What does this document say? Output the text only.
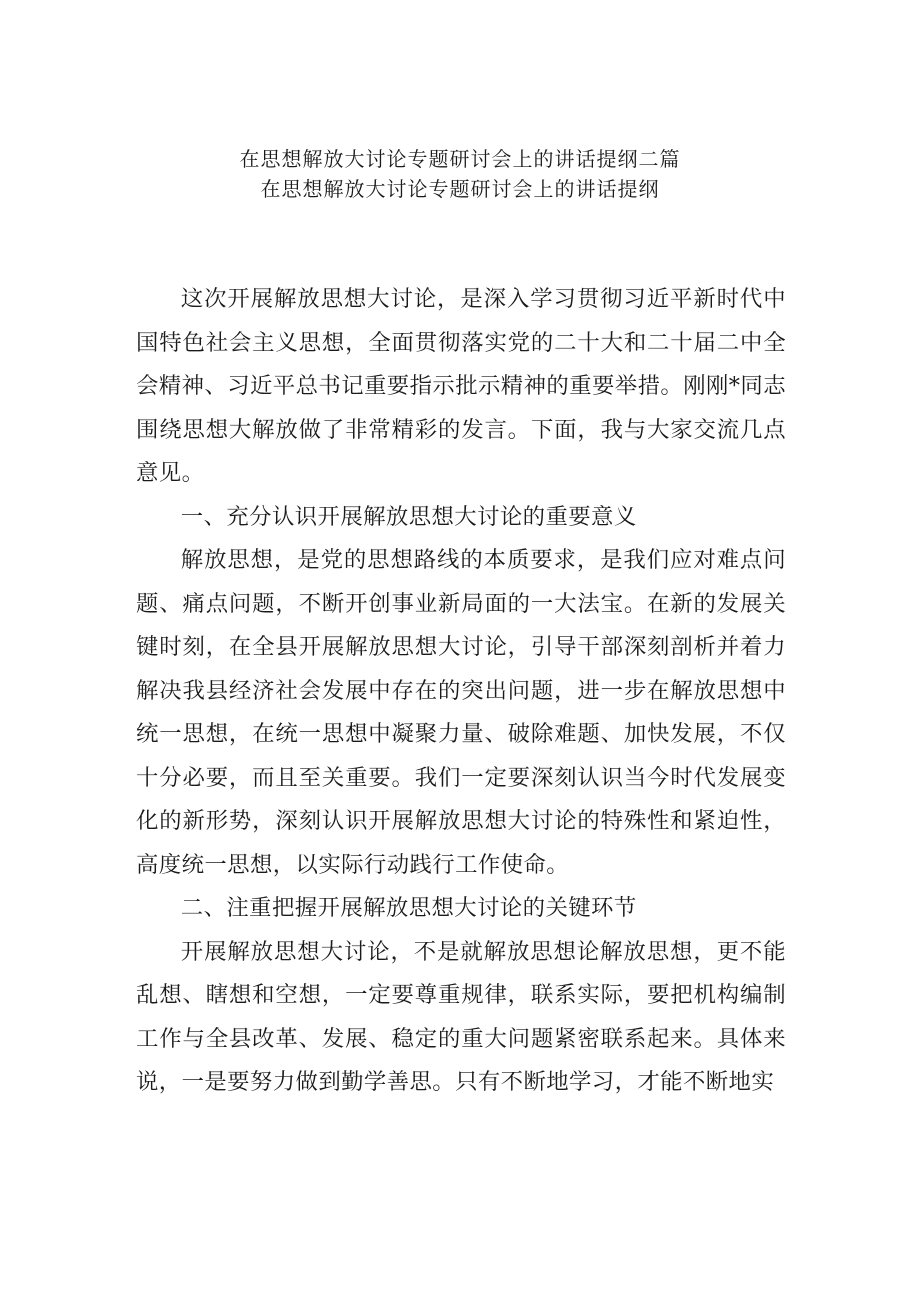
在思想解放大讨论专题研讨会上的讲话提纲二篇
在思想解放大讨论专题研讨会上的讲话提纲

这次开展解放思想大讨论，是深入学习贯彻习近平新时代中国特色社会主义思想，全面贯彻落实党的二十大和二十届二中全会精神、习近平总书记重要指示批示精神的重要举措。刚刚*同志围绕思想大解放做了非常精彩的发言。下面，我与大家交流几点意见。

一、充分认识开展解放思想大讨论的重要意义

解放思想，是党的思想路线的本质要求，是我们应对难点问题、痛点问题，不断开创事业新局面的一大法宝。在新的发展关键时刻，在全县开展解放思想大讨论，引导干部深刻剖析并着力解决我县经济社会发展中存在的突出问题，进一步在解放思想中统一思想，在统一思想中凝聚力量、破除难题、加快发展，不仅十分必要，而且至关重要。我们一定要深刻认识当今时代发展变化的新形势，深刻认识开展解放思想大讨论的特殊性和紧迫性，高度统一思想，以实际行动践行工作使命。

二、注重把握开展解放思想大讨论的关键环节

开展解放思想大讨论，不是就解放思想论解放思想，更不能乱想、瞎想和空想，一定要尊重规律，联系实际，要把机构编制工作与全县改革、发展、稳定的重大问题紧密联系起来。具体来说，一是要努力做到勤学善思。只有不断地学习，才能不断地实
